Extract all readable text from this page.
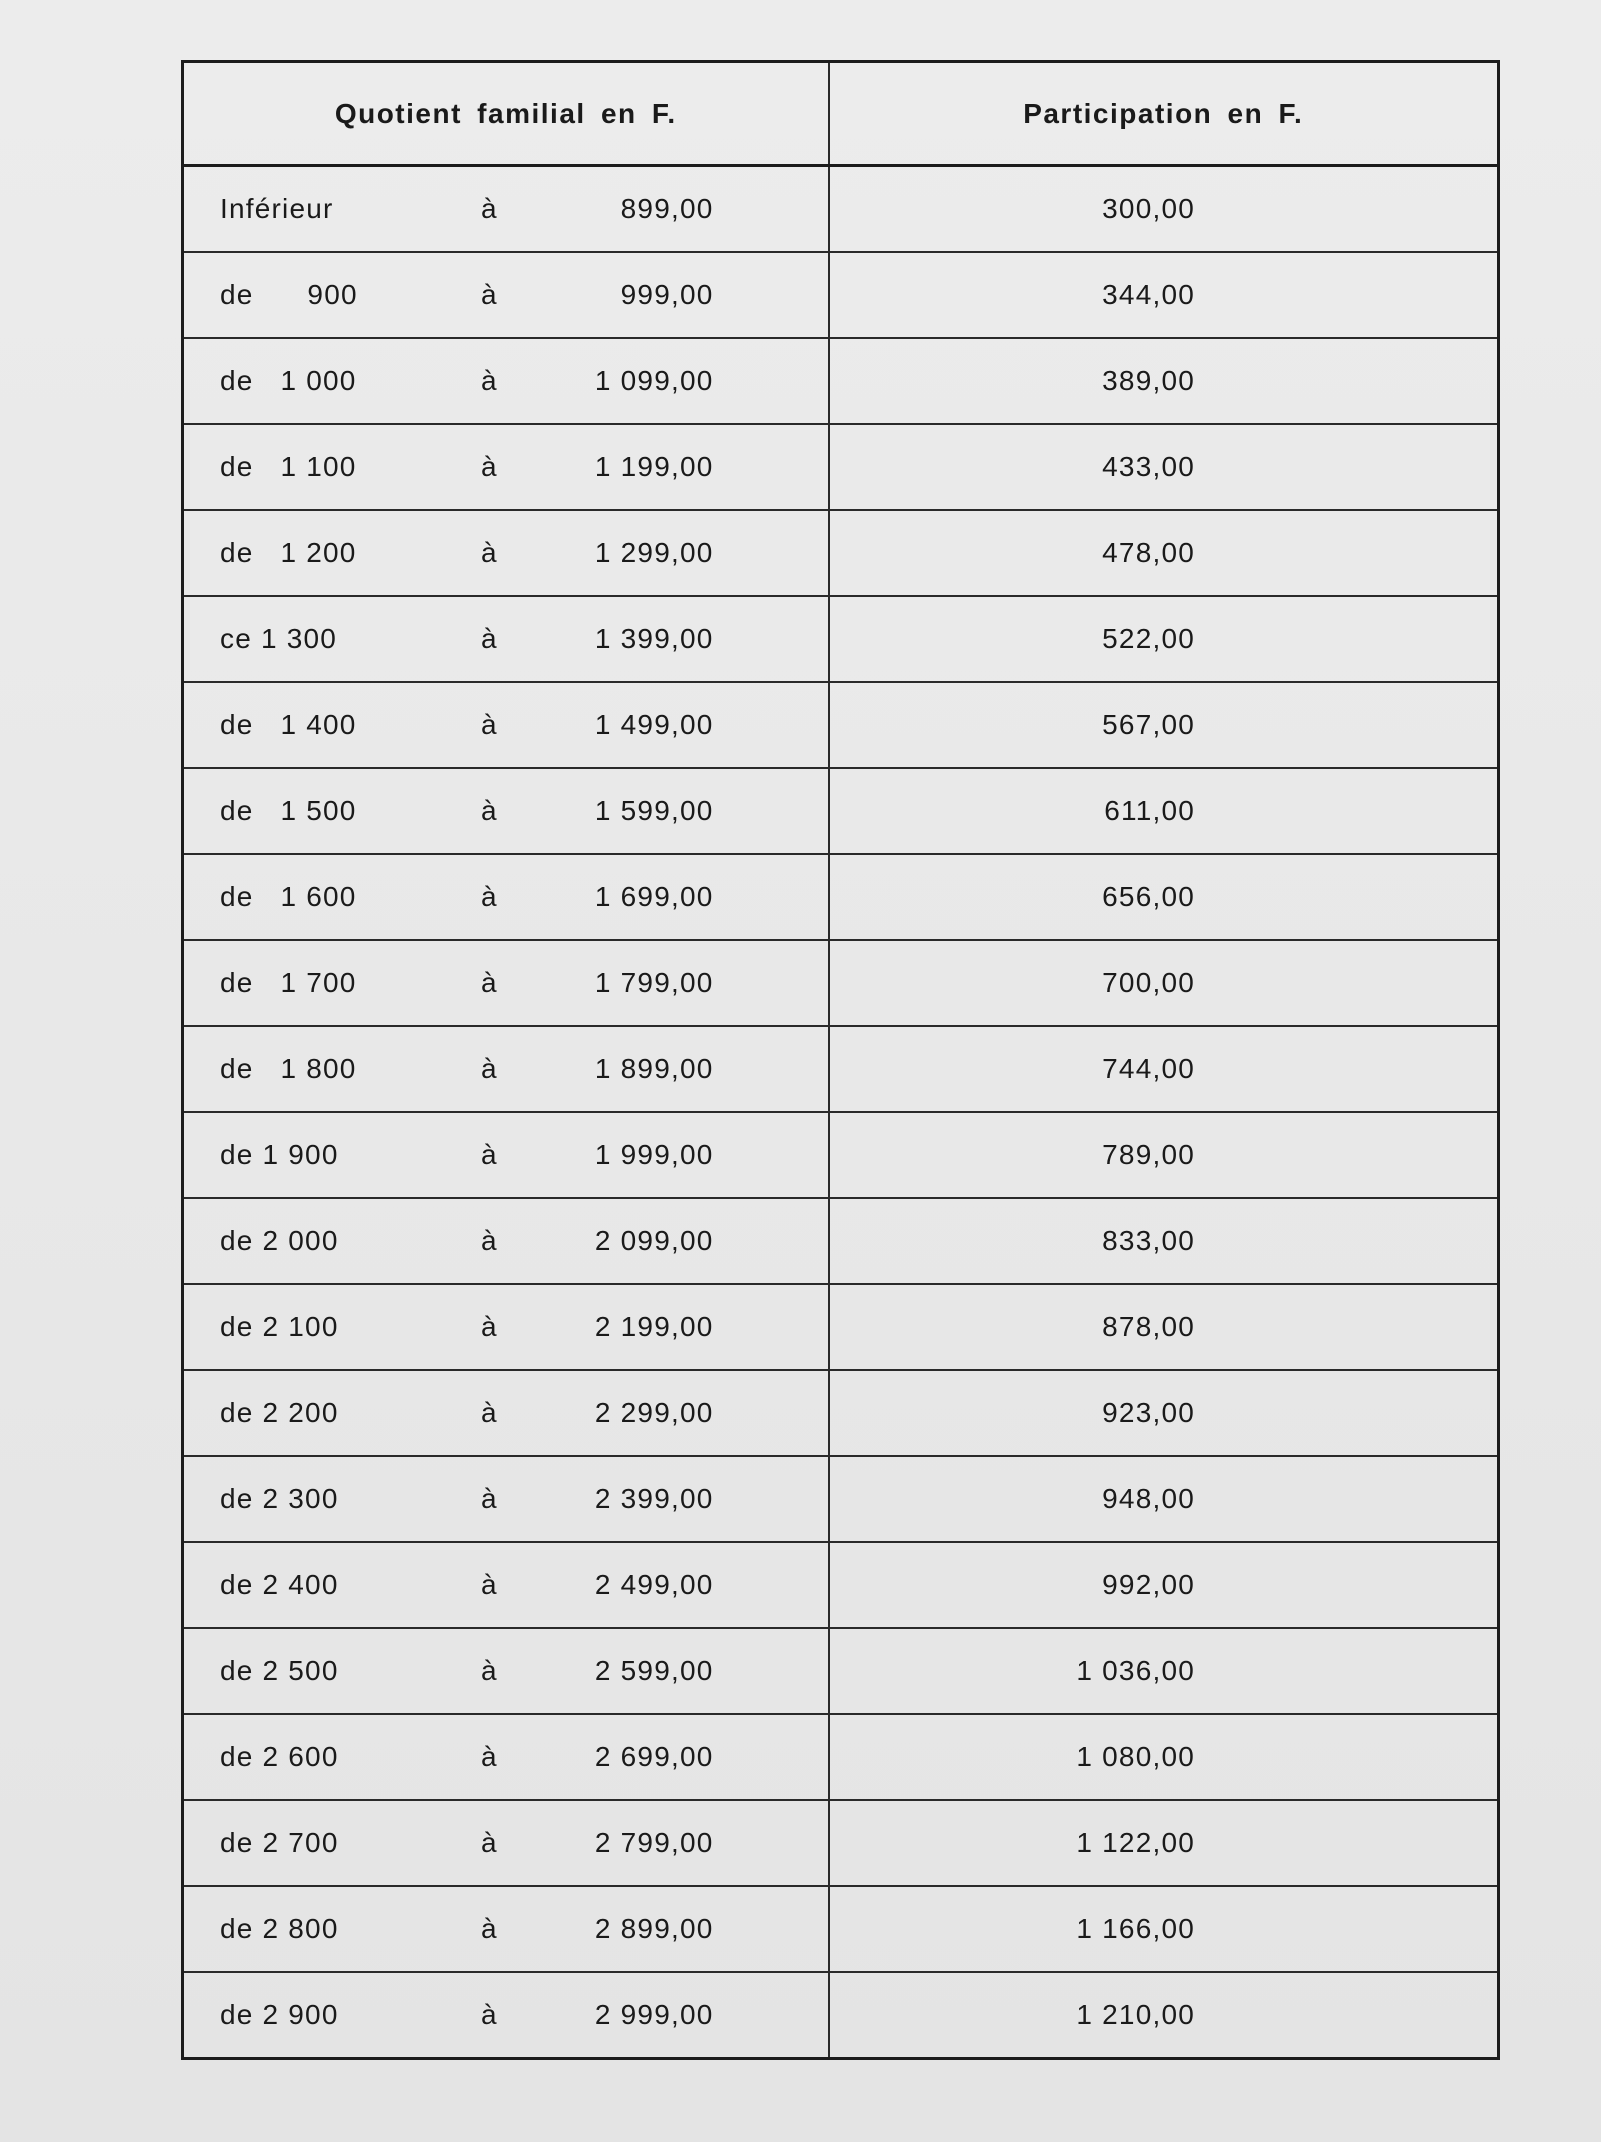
Quotient familial en F.	Participation en F.

Inférieur à 899,00	300,00

de      900 à 999,00	344,00

de   1 000 à 1 099,00	389,00

de   1 100 à 1 199,00	433,00

de   1 200 à 1 299,00	478,00

ce 1 300 à 1 399,00	522,00

de   1 400 à 1 499,00	567,00

de   1 500 à 1 599,00	611,00

de   1 600 à 1 699,00	656,00

de   1 700 à 1 799,00	700,00

de   1 800 à 1 899,00	744,00

de 1 900 à 1 999,00	789,00

de 2 000 à 2 099,00	833,00

de 2 100 à 2 199,00	878,00

de 2 200 à 2 299,00	923,00

de 2 300 à 2 399,00	948,00

de 2 400 à 2 499,00	992,00

de 2 500 à 2 599,00	1 036,00

de 2 600 à 2 699,00	1 080,00

de 2 700 à 2 799,00	1 122,00

de 2 800 à 2 899,00	1 166,00

de 2 900 à 2 999,00	1 210,00
